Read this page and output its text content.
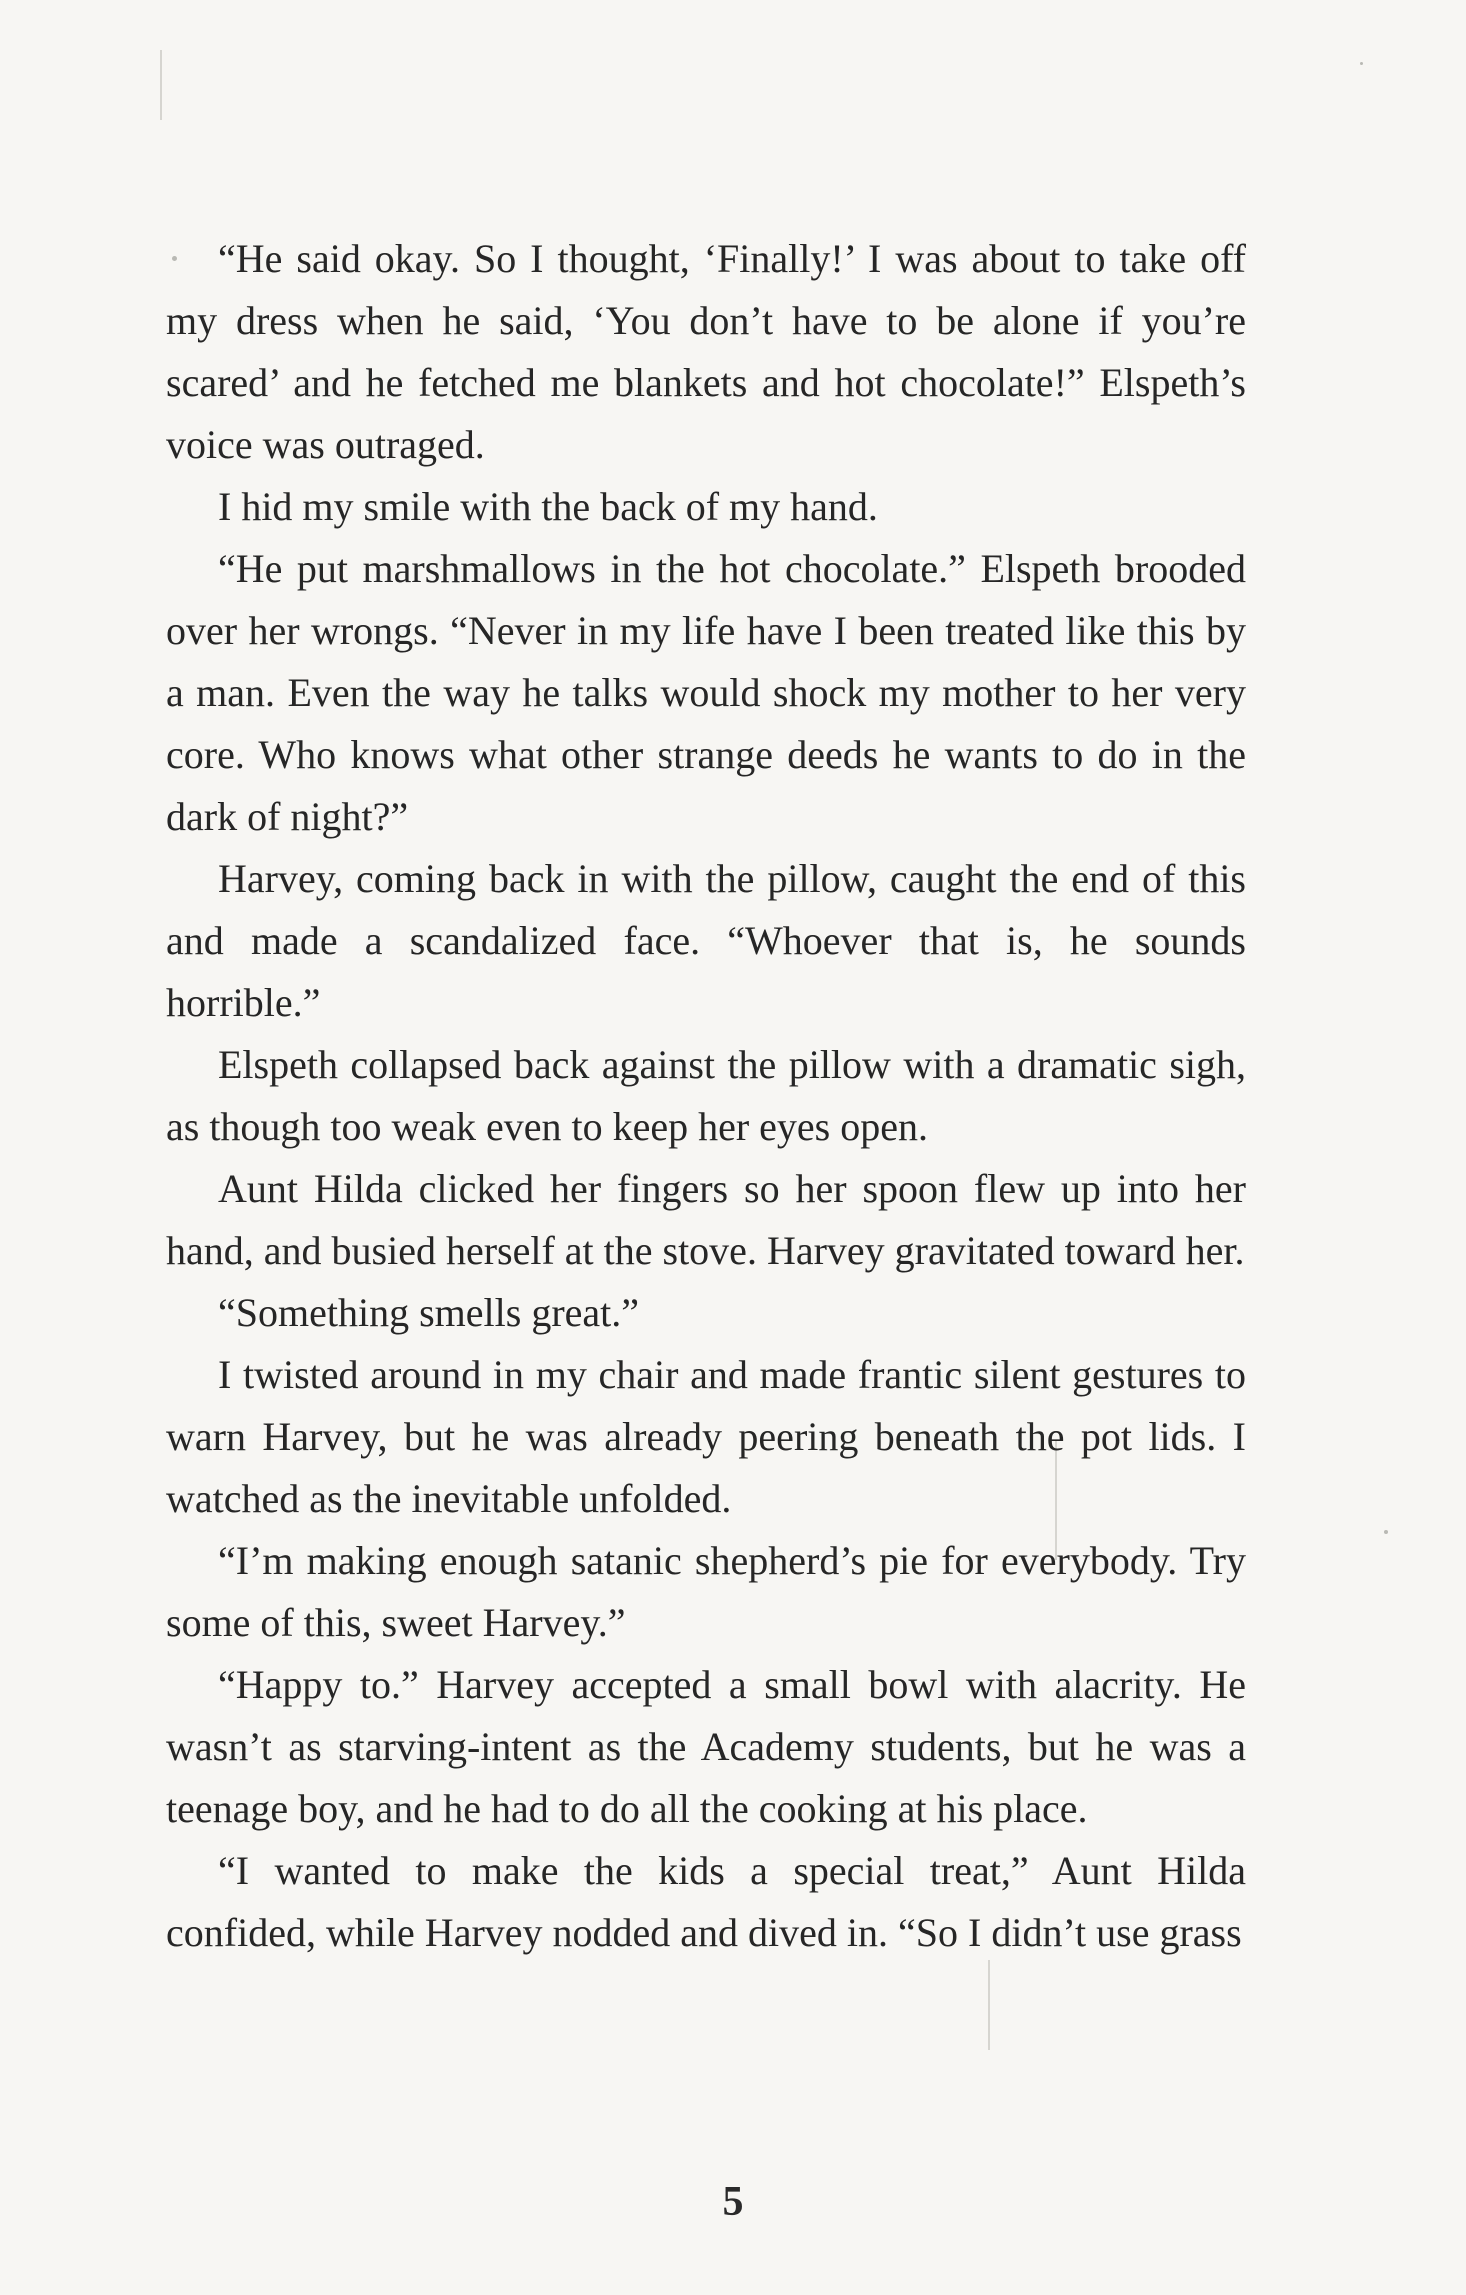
“He said okay. So I thought, ‘Finally!’ I was about to take off my dress when he said, ‘You don’t have to be alone if you’re scared’ and he fetched me blankets and hot chocolate!” Elspeth’s voice was outraged.

I hid my smile with the back of my hand.

“He put marshmallows in the hot chocolate.” Elspeth brooded over her wrongs. “Never in my life have I been treated like this by a man. Even the way he talks would shock my mother to her very core. Who knows what other strange deeds he wants to do in the dark of night?”

Harvey, coming back in with the pillow, caught the end of this and made a scandalized face. “Whoever that is, he sounds horrible.”

Elspeth collapsed back against the pillow with a dramatic sigh, as though too weak even to keep her eyes open.

Aunt Hilda clicked her fingers so her spoon flew up into her hand, and busied herself at the stove. Harvey gravitated toward her.

“Something smells great.”

I twisted around in my chair and made frantic silent gestures to warn Harvey, but he was already peering beneath the pot lids. I watched as the inevitable unfolded.

“I’m making enough satanic shepherd’s pie for everybody. Try some of this, sweet Harvey.”

“Happy to.” Harvey accepted a small bowl with alacrity. He wasn’t as starving-intent as the Academy students, but he was a teenage boy, and he had to do all the cooking at his place.

“I wanted to make the kids a special treat,” Aunt Hilda confided, while Harvey nodded and dived in. “So I didn’t use grass

5
